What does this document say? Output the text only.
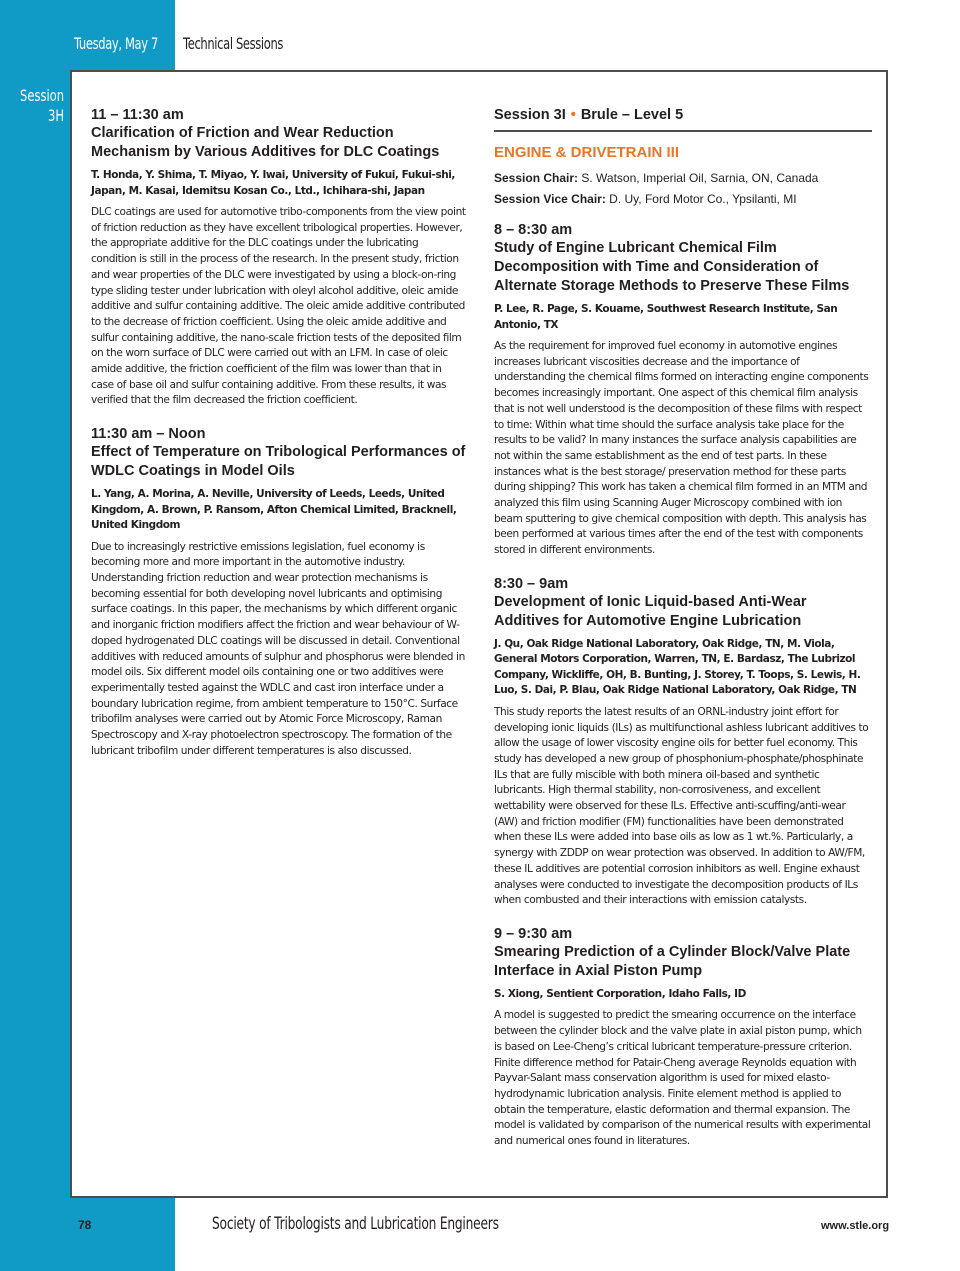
Tuesday, May 7 Technical Sessions
Session
3H 11 – 11:30 am

Clarification of Friction and Wear Reduction Mechanism by Various Additives for DLC Coatings

T. Honda, Y. Shima, T. Miyao, Y. Iwai, University of Fukui, Fukui-shi, Japan, M. Kasai, Idemitsu Kosan Co., Ltd., Ichihara-shi, Japan

DLC coatings are used for automotive tribo-components from the view point of friction reduction as they have excellent tribological properties. However, the appropriate additive for the DLC coatings under the lubricating condition is still in the process of the research. In the present study, friction and wear properties of the DLC were investigated by using a block-on-ring type sliding tester under lubrication with oleyl alcohol additive, oleic amide additive and sulfur containing additive. The oleic amide additive contributed to the decrease of friction coefficient. Using the oleic amide additive and sulfur containing additive, the nano-scale friction tests of the deposited film on the worn surface of DLC were carried out with an LFM. In case of oleic amide additive, the friction coefficient of the film was lower than that in case of base oil and sulfur containing additive. From these results, it was verified that the film decreased the friction coefficient.

11:30 am – Noon

Effect of Temperature on Tribological Performances of WDLC Coatings in Model Oils

L. Yang, A. Morina, A. Neville, University of Leeds, Leeds, United Kingdom, A. Brown, P. Ransom, Afton Chemical Limited, Bracknell, United Kingdom

Due to increasingly restrictive emissions legislation, fuel economy is becoming more and more important in the automotive industry. Understanding friction reduction and wear protection mechanisms is becoming essential for both developing novel lubricants and optimising surface coatings. In this paper, the mechanisms by which different organic and inorganic friction modifiers affect the friction and wear behaviour of W-doped hydrogenated DLC coatings will be discussed in detail. Conventional additives with reduced amounts of sulphur and phosphorus were blended in model oils. Six different model oils containing one or two additives were experimentally tested against the WDLC and cast iron interface under a boundary lubrication regime, from ambient temperature to 150°C. Surface tribofilm analyses were carried out by Atomic Force Microscopy, Raman Spectroscopy and X-ray photoelectron spectroscopy. The formation of the lubricant tribofilm under different temperatures is also discussed.

Session 3I • Brule – Level 5

ENGINE & DRIVETRAIN III

Session Chair: S. Watson, Imperial Oil, Sarnia, ON, Canada

Session Vice Chair: D. Uy, Ford Motor Co., Ypsilanti, MI

8 – 8:30 am

Study of Engine Lubricant Chemical Film Decomposition with Time and Consideration of Alternate Storage Methods to Preserve These Films

P. Lee, R. Page, S. Kouame, Southwest Research Institute, San Antonio, TX

As the requirement for improved fuel economy in automotive engines increases lubricant viscosities decrease and the importance of understanding the chemical films formed on interacting engine components becomes increasingly important. One aspect of this chemical film analysis that is not well understood is the decomposition of these films with respect to time: Within what time should the surface analysis take place for the results to be valid? In many instances the surface analysis capabilities are not within the same establishment as the end of test parts. In these instances what is the best storage/ preservation method for these parts during shipping? This work has taken a chemical film formed in an MTM and analyzed this film using Scanning Auger Microscopy combined with ion beam sputtering to give chemical composition with depth. This analysis has been performed at various times after the end of the test with components stored in different environments.

8:30 – 9am

Development of Ionic Liquid-based Anti-Wear Additives for Automotive Engine Lubrication

J. Qu, Oak Ridge National Laboratory, Oak Ridge, TN, M. Viola, General Motors Corporation, Warren, TN, E. Bardasz, The Lubrizol Company, Wickliffe, OH, B. Bunting, J. Storey, T. Toops, S. Lewis, H. Luo, S. Dai, P. Blau, Oak Ridge National Laboratory, Oak Ridge, TN

This study reports the latest results of an ORNL-industry joint effort for developing ionic liquids (ILs) as multifunctional ashless lubricant additives to allow the usage of lower viscosity engine oils for better fuel economy. This study has developed a new group of phosphonium-phosphate/phosphinate ILs that are fully miscible with both minera oil-based and synthetic lubricants. High thermal stability, non-corrosiveness, and excellent wettability were observed for these ILs. Effective anti-scuffing/anti-wear (AW) and friction modifier (FM) functionalities have been demonstrated when these ILs were added into base oils as low as 1 wt.%. Particularly, a synergy with ZDDP on wear protection was observed. In addition to AW/FM, these IL additives are potential corrosion inhibitors as well. Engine exhaust analyses were conducted to investigate the decomposition products of ILs when combusted and their interactions with emission catalysts.

9 – 9:30 am

Smearing Prediction of a Cylinder Block/Valve Plate Interface in Axial Piston Pump

S. Xiong, Sentient Corporation, Idaho Falls, ID

A model is suggested to predict the smearing occurrence on the interface between the cylinder block and the valve plate in axial piston pump, which is based on Lee-Cheng’s critical lubricant temperature-pressure criterion. Finite difference method for Patair-Cheng average Reynolds equation with Payvar-Salant mass conservation algorithm is used for mixed elasto-hydrodynamic lubrication analysis. Finite element method is applied to obtain the temperature, elastic deformation and thermal expansion. The model is validated by comparison of the numerical results with experimental and numerical ones found in literatures.

78	Society of Tribologists and Lubrication Engineers	www.stle.org
